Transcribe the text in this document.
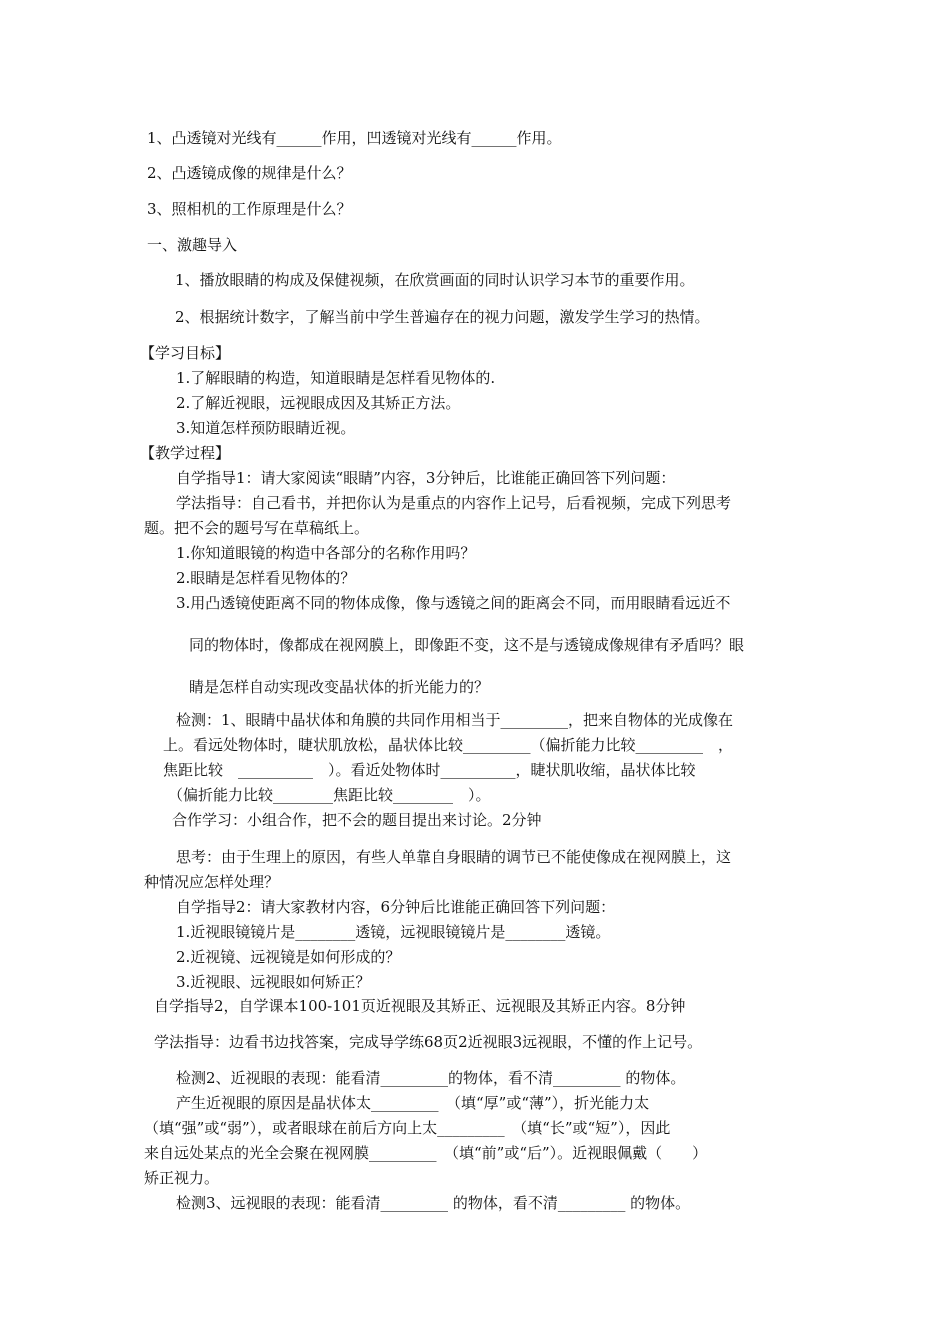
1、凸透镜对光线有______作用，凹透镜对光线有______作用。
2、凸透镜成像的规律是什么？
3、照相机的工作原理是什么？
一、激趣导入
1、播放眼睛的构成及保健视频，在欣赏画面的同时认识学习本节的重要作用。
2、根据统计数字，了解当前中学生普遍存在的视力问题，激发学生学习的热情。
【学习目标】
1.了解眼睛的构造，知道眼睛是怎样看见物体的.
2.了解近视眼，远视眼成因及其矫正方法。
3.知道怎样预防眼睛近视。
【教学过程】
自学指导1：请大家阅读“眼睛”内容，3分钟后，比谁能正确回答下列问题：
学法指导：自己看书，并把你认为是重点的内容作上记号，后看视频，完成下列思考
题。把不会的题号写在草稿纸上。
1.你知道眼镜的构造中各部分的名称作用吗？
2.眼睛是怎样看见物体的？
3.用凸透镜使距离不同的物体成像，像与透镜之间的距离会不同，而用眼睛看远近不
同的物体时，像都成在视网膜上，即像距不变，这不是与透镜成像规律有矛盾吗？眼
睛是怎样自动实现改变晶状体的折光能力的？
检测：1、眼睛中晶状体和角膜的共同作用相当于_________，把来自物体的光成像在
上。看远处物体时，睫状肌放松，晶状体比较_________（偏折能力比较_________　，
焦距比较　__________　）。看近处物体时__________，睫状肌收缩，晶状体比较
（偏折能力比较________焦距比较________　）。
合作学习：小组合作，把不会的题目提出来讨论。2分钟
思考：由于生理上的原因，有些人单靠自身眼睛的调节已不能使像成在视网膜上，这
种情况应怎样处理？
自学指导2：请大家教材内容，6分钟后比谁能正确回答下列问题：
1.近视眼镜镜片是________透镜，远视眼镜镜片是________透镜。
2.近视镜、远视镜是如何形成的？
3.近视眼、远视眼如何矫正？
自学指导2，自学课本100-101页近视眼及其矫正、远视眼及其矫正内容。8分钟
学法指导：边看书边找答案，完成导学练68页2近视眼3远视眼，不懂的作上记号。
检测2、近视眼的表现：能看清_________的物体，看不清_________ 的物体。
产生近视眼的原因是晶状体太_________　（填“厚”或“薄”），折光能力太
（填“强”或“弱”），或者眼球在前后方向上太_________　（填“长”或“短”），因此
来自远处某点的光全会聚在视网膜_________　（填“前”或“后”）。近视眼佩戴（　　）
矫正视力。
检测3、远视眼的表现：能看清_________ 的物体，看不清_________ 的物体。
